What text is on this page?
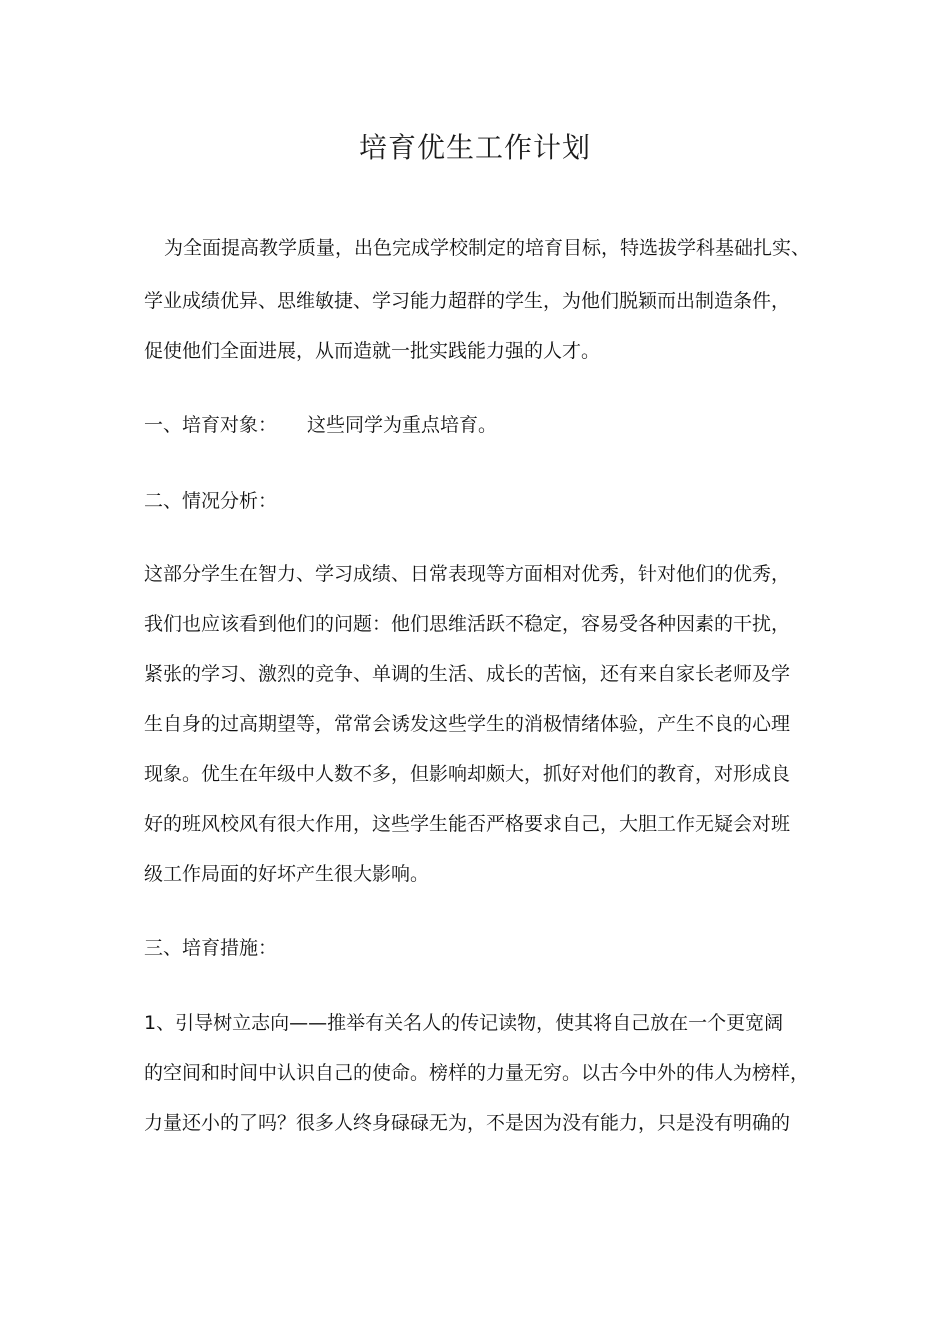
培育优生工作计划
为全面提高教学质量，出色完成学校制定的培育目标，特选拔学科基础扎实、
学业成绩优异、思维敏捷、学习能力超群的学生，为他们脱颖而出制造条件，
促使他们全面进展，从而造就一批实践能力强的人才。
一、培育对象： 这些同学为重点培育。
二、情况分析：
这部分学生在智力、学习成绩、日常表现等方面相对优秀，针对他们的优秀，
我们也应该看到他们的问题：他们思维活跃不稳定，容易受各种因素的干扰，
紧张的学习、激烈的竞争、单调的生活、成长的苦恼，还有来自家长老师及学
生自身的过高期望等，常常会诱发这些学生的消极情绪体验，产生不良的心理
现象。优生在年级中人数不多，但影响却颇大，抓好对他们的教育，对形成良
好的班风校风有很大作用，这些学生能否严格要求自己，大胆工作无疑会对班
级工作局面的好坏产生很大影响。
三、培育措施：
1、引导树立志向——推举有关名人的传记读物，使其将自己放在一个更宽阔
的空间和时间中认识自己的使命。榜样的力量无穷。以古今中外的伟人为榜样，
力量还小的了吗？很多人终身碌碌无为，不是因为没有能力，只是没有明确的
